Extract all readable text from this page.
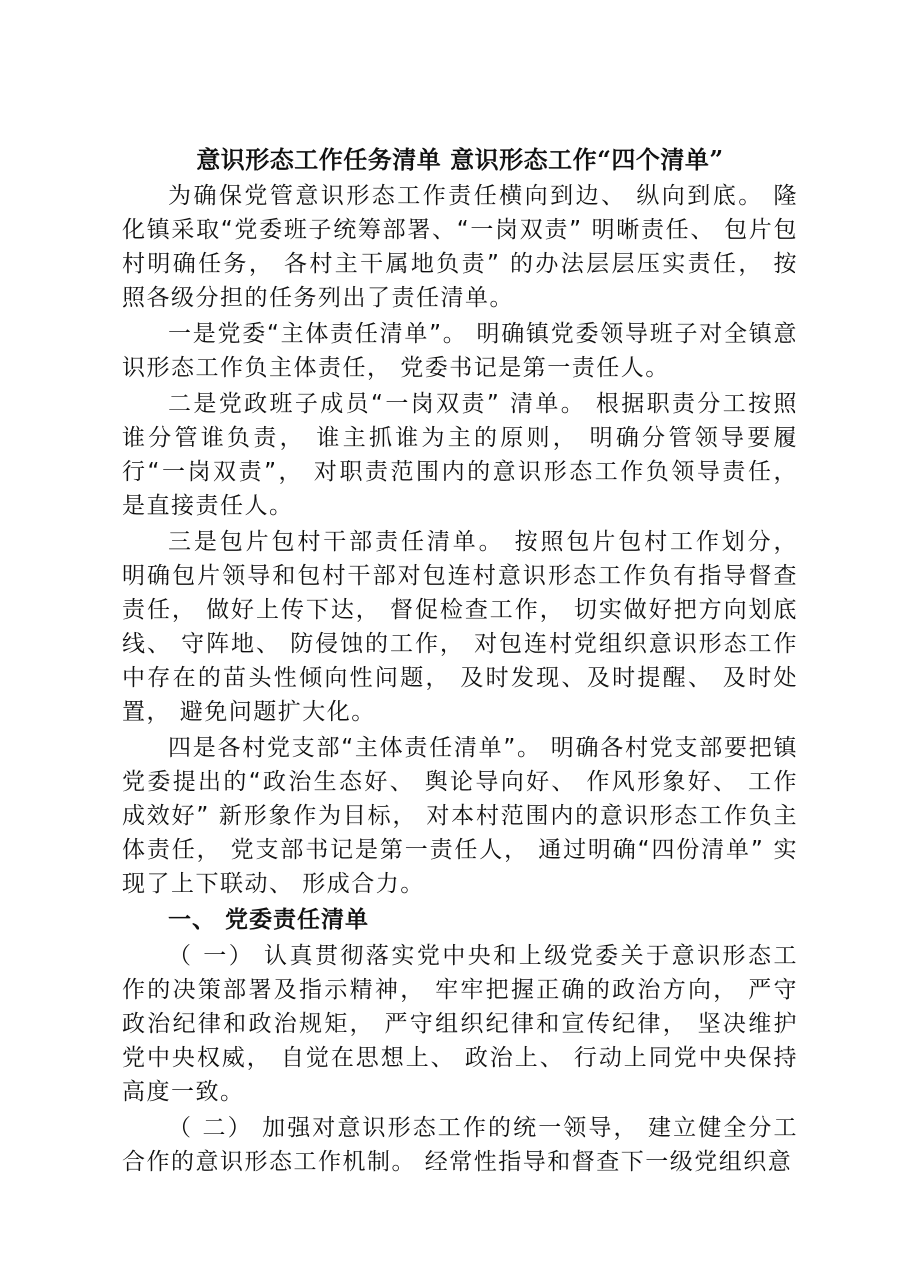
意识形态工作任务清单 意识形态工作“四个清单”
为确保党管意识形态工作责任横向到边、 纵向到底。 隆化镇采取“党委班子统筹部署、“一岗双责” 明晰责任、 包片包村明确任务， 各村主干属地负责” 的办法层层压实责任， 按照各级分担的任务列出了责任清单。
一是党委“主体责任清单”。 明确镇党委领导班子对全镇意识形态工作负主体责任， 党委书记是第一责任人。
二是党政班子成员“一岗双责” 清单。 根据职责分工按照谁分管谁负责， 谁主抓谁为主的原则， 明确分管领导要履行“一岗双责”， 对职责范围内的意识形态工作负领导责任， 是直接责任人。
三是包片包村干部责任清单。 按照包片包村工作划分， 明确包片领导和包村干部对包连村意识形态工作负有指导督查责任， 做好上传下达， 督促检查工作， 切实做好把方向划底线、 守阵地、 防侵蚀的工作， 对包连村党组织意识形态工作中存在的苗头性倾向性问题， 及时发现、及时提醒、 及时处置， 避免问题扩大化。
四是各村党支部“主体责任清单”。 明确各村党支部要把镇党委提出的“政治生态好、 舆论导向好、 作风形象好、 工作成效好” 新形象作为目标， 对本村范围内的意识形态工作负主体责任， 党支部书记是第一责任人， 通过明确“四份清单” 实现了上下联动、 形成合力。
一、 党委责任清单
（ 一） 认真贯彻落实党中央和上级党委关于意识形态工作的决策部署及指示精神， 牢牢把握正确的政治方向， 严守政治纪律和政治规矩， 严守组织纪律和宣传纪律， 坚决维护党中央权威， 自觉在思想上、 政治上、 行动上同党中央保持高度一致。
（ 二） 加强对意识形态工作的统一领导， 建立健全分工合作的意识形态工作机制。 经常性指导和督查下一级党组织意
